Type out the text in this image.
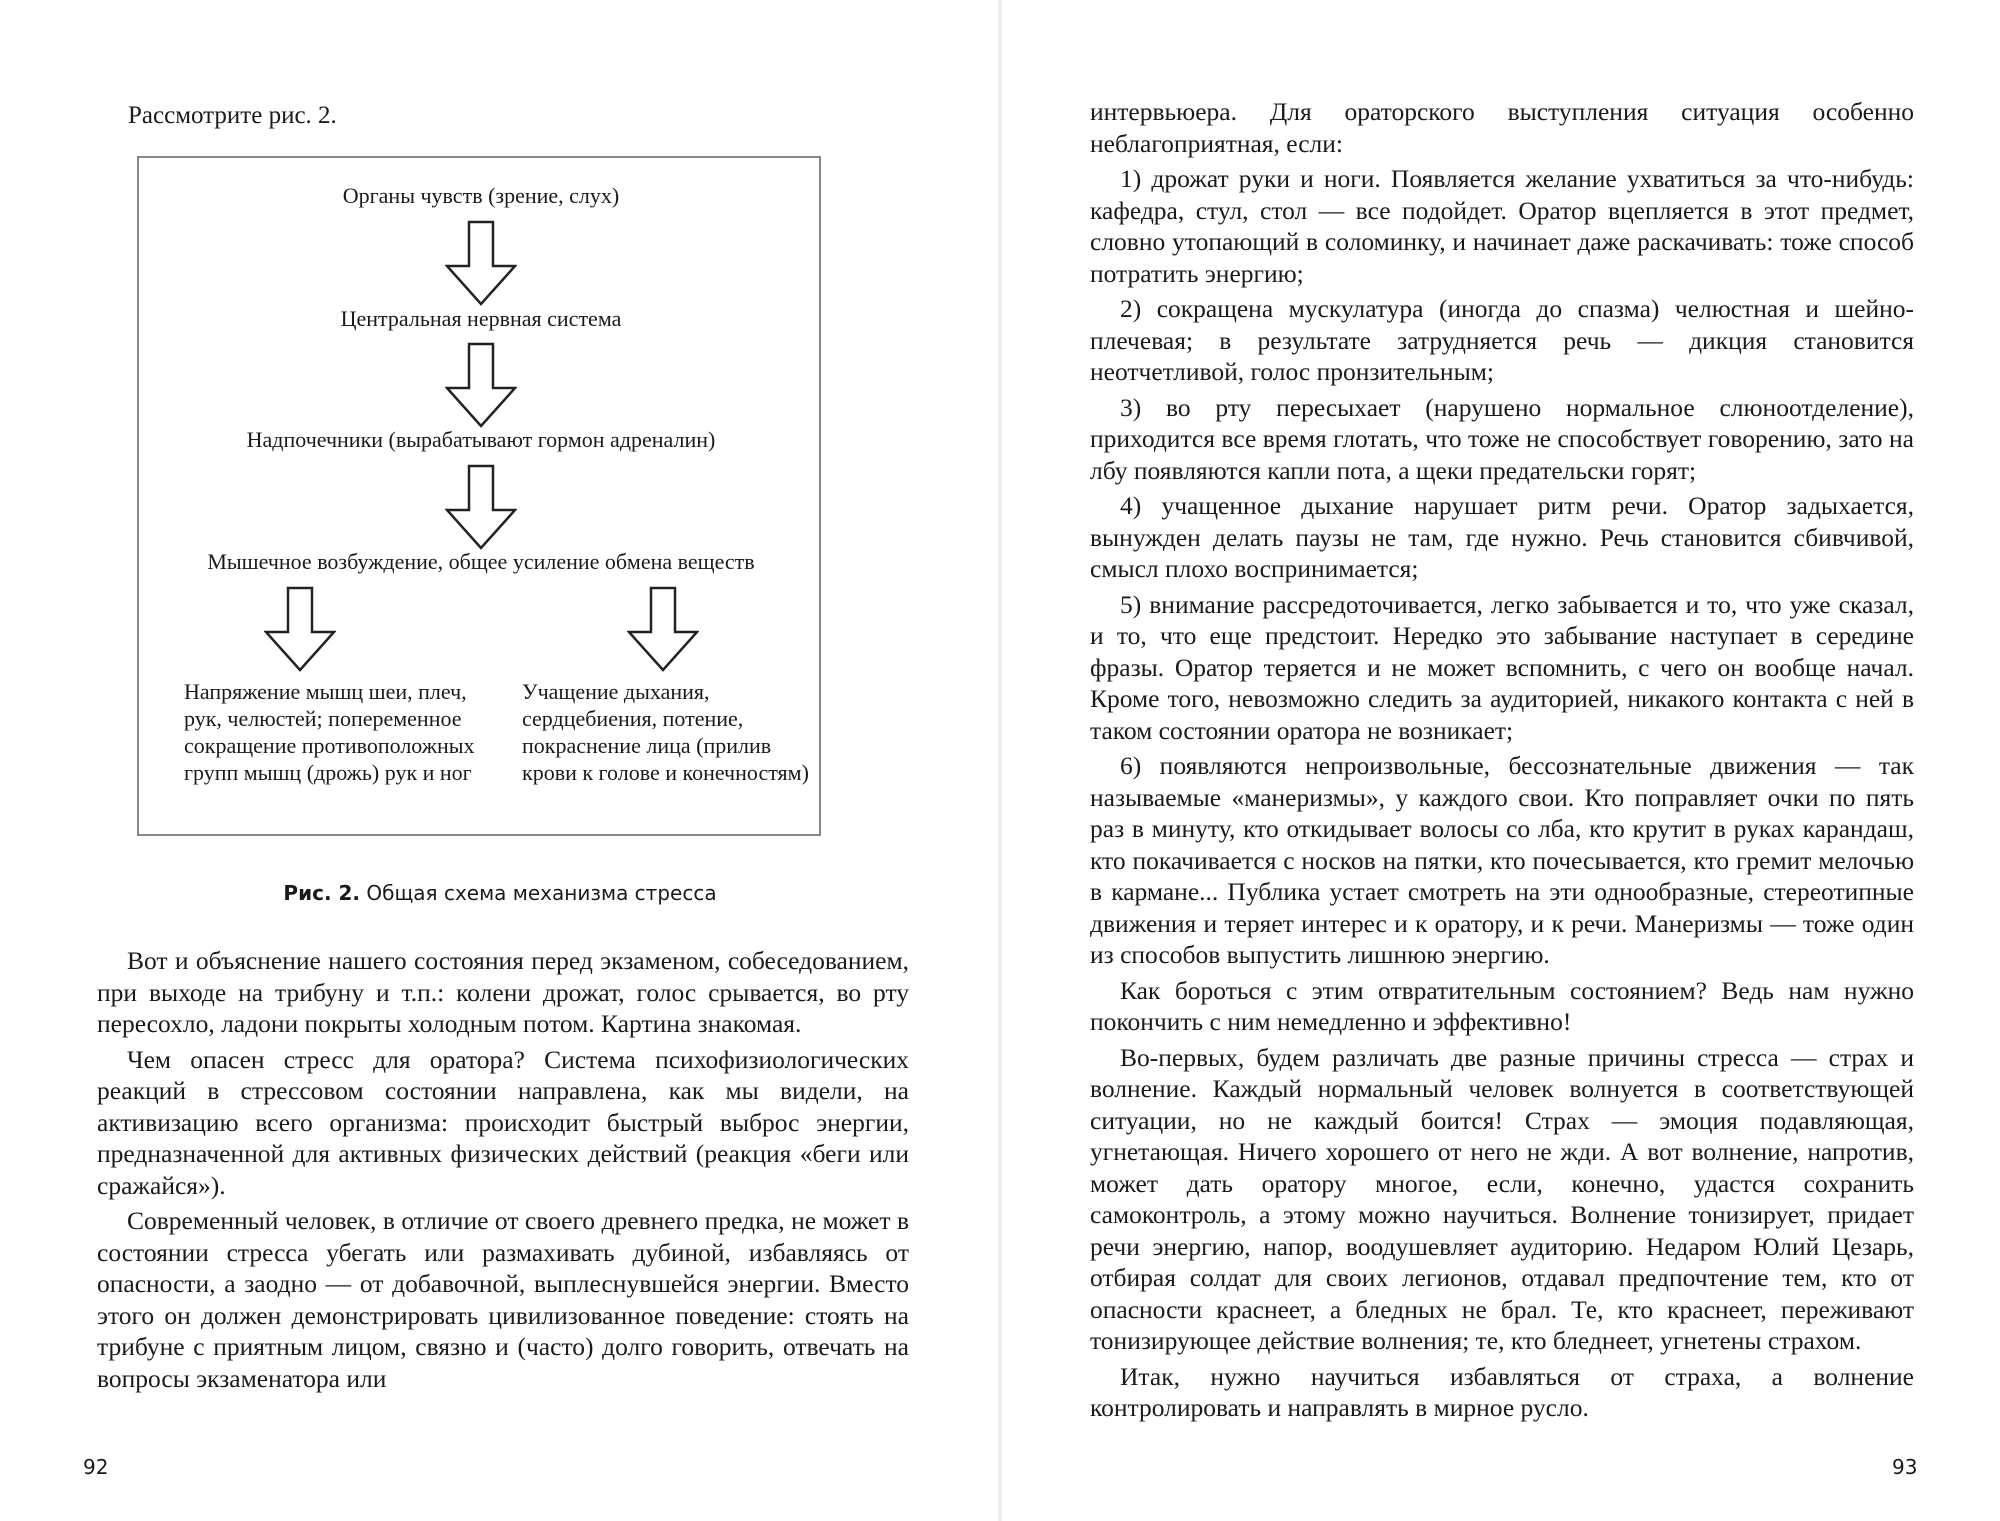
Рассмотрите рис. 2.

Органы чувств (зрение, слух)

Центральная нервная система

Надпочечники (вырабатывают гормон адреналин)

Мышечное возбуждение, общее усиление обмена веществ

Напряжение мышц шеи, плеч, рук, челюстей; попеременное сокращение противоположных групп мышц (дрожь) рук и ног

Учащение дыхания, сердцебиения, потение, покраснение лица (прилив крови к голове и конечностям)

Рис. 2. Общая схема механизма стресса

Вот и объяснение нашего состояния перед экзаменом, собеседованием, при выходе на трибуну и т.п.: колени дрожат, голос срывается, во рту пересохло, ладони покрыты холодным потом. Картина знакомая.

Чем опасен стресс для оратора? Система психофизиологических реакций в стрессовом состоянии направлена, как мы видели, на активизацию всего организма: происходит быстрый выброс энергии, предназначенной для активных физических действий (реакция «беги или сражайся»).

Современный человек, в отличие от своего древнего предка, не может в состоянии стресса убегать или размахивать дубиной, избавляясь от опасности, а заодно — от добавочной, выплеснувшейся энергии. Вместо этого он должен демонстрировать цивилизованное поведение: стоять на трибуне с приятным лицом, связно и (часто) долго говорить, отвечать на вопросы экзаменатора или

92

интервьюера. Для ораторского выступления ситуация особенно неблагоприятная, если:

1) дрожат руки и ноги. Появляется желание ухватиться за что-нибудь: кафедра, стул, стол — все подойдет. Оратор вцепляется в этот предмет, словно утопающий в соломинку, и начинает даже раскачивать: тоже способ потратить энергию;

2) сокращена мускулатура (иногда до спазма) челюстная и шейно-плечевая; в результате затрудняется речь — дикция становится неотчетливой, голос пронзительным;

3) во рту пересыхает (нарушено нормальное слюноотделение), приходится все время глотать, что тоже не способствует говорению, зато на лбу появляются капли пота, а щеки предательски горят;

4) учащенное дыхание нарушает ритм речи. Оратор задыхается, вынужден делать паузы не там, где нужно. Речь становится сбивчивой, смысл плохо воспринимается;

5) внимание рассредоточивается, легко забывается и то, что уже сказал, и то, что еще предстоит. Нередко это забывание наступает в середине фразы. Оратор теряется и не может вспомнить, с чего он вообще начал. Кроме того, невозможно следить за аудиторией, никакого контакта с ней в таком состоянии оратора не возникает;

6) появляются непроизвольные, бессознательные движения — так называемые «манеризмы», у каждого свои. Кто поправляет очки по пять раз в минуту, кто откидывает волосы со лба, кто крутит в руках карандаш, кто покачивается с носков на пятки, кто почесывается, кто гремит мелочью в кармане... Публика устает смотреть на эти однообразные, стереотипные движения и теряет интерес и к оратору, и к речи. Манеризмы — тоже один из способов выпустить лишнюю энергию.

Как бороться с этим отвратительным состоянием? Ведь нам нужно покончить с ним немедленно и эффективно!

Во-первых, будем различать две разные причины стресса — страх и волнение. Каждый нормальный человек волнуется в соответствующей ситуации, но не каждый боится! Страх — эмоция подавляющая, угнетающая. Ничего хорошего от него не жди. А вот волнение, напротив, может дать оратору многое, если, конечно, удастся сохранить самоконтроль, а этому можно научиться. Волнение тонизирует, придает речи энергию, напор, воодушевляет аудиторию. Недаром Юлий Цезарь, отбирая солдат для своих легионов, отдавал предпочтение тем, кто от опасности краснеет, а бледных не брал. Те, кто краснеет, переживают тонизирующее действие волнения; те, кто бледнеет, угнетены страхом.

Итак, нужно научиться избавляться от страха, а волнение контролировать и направлять в мирное русло.

93
